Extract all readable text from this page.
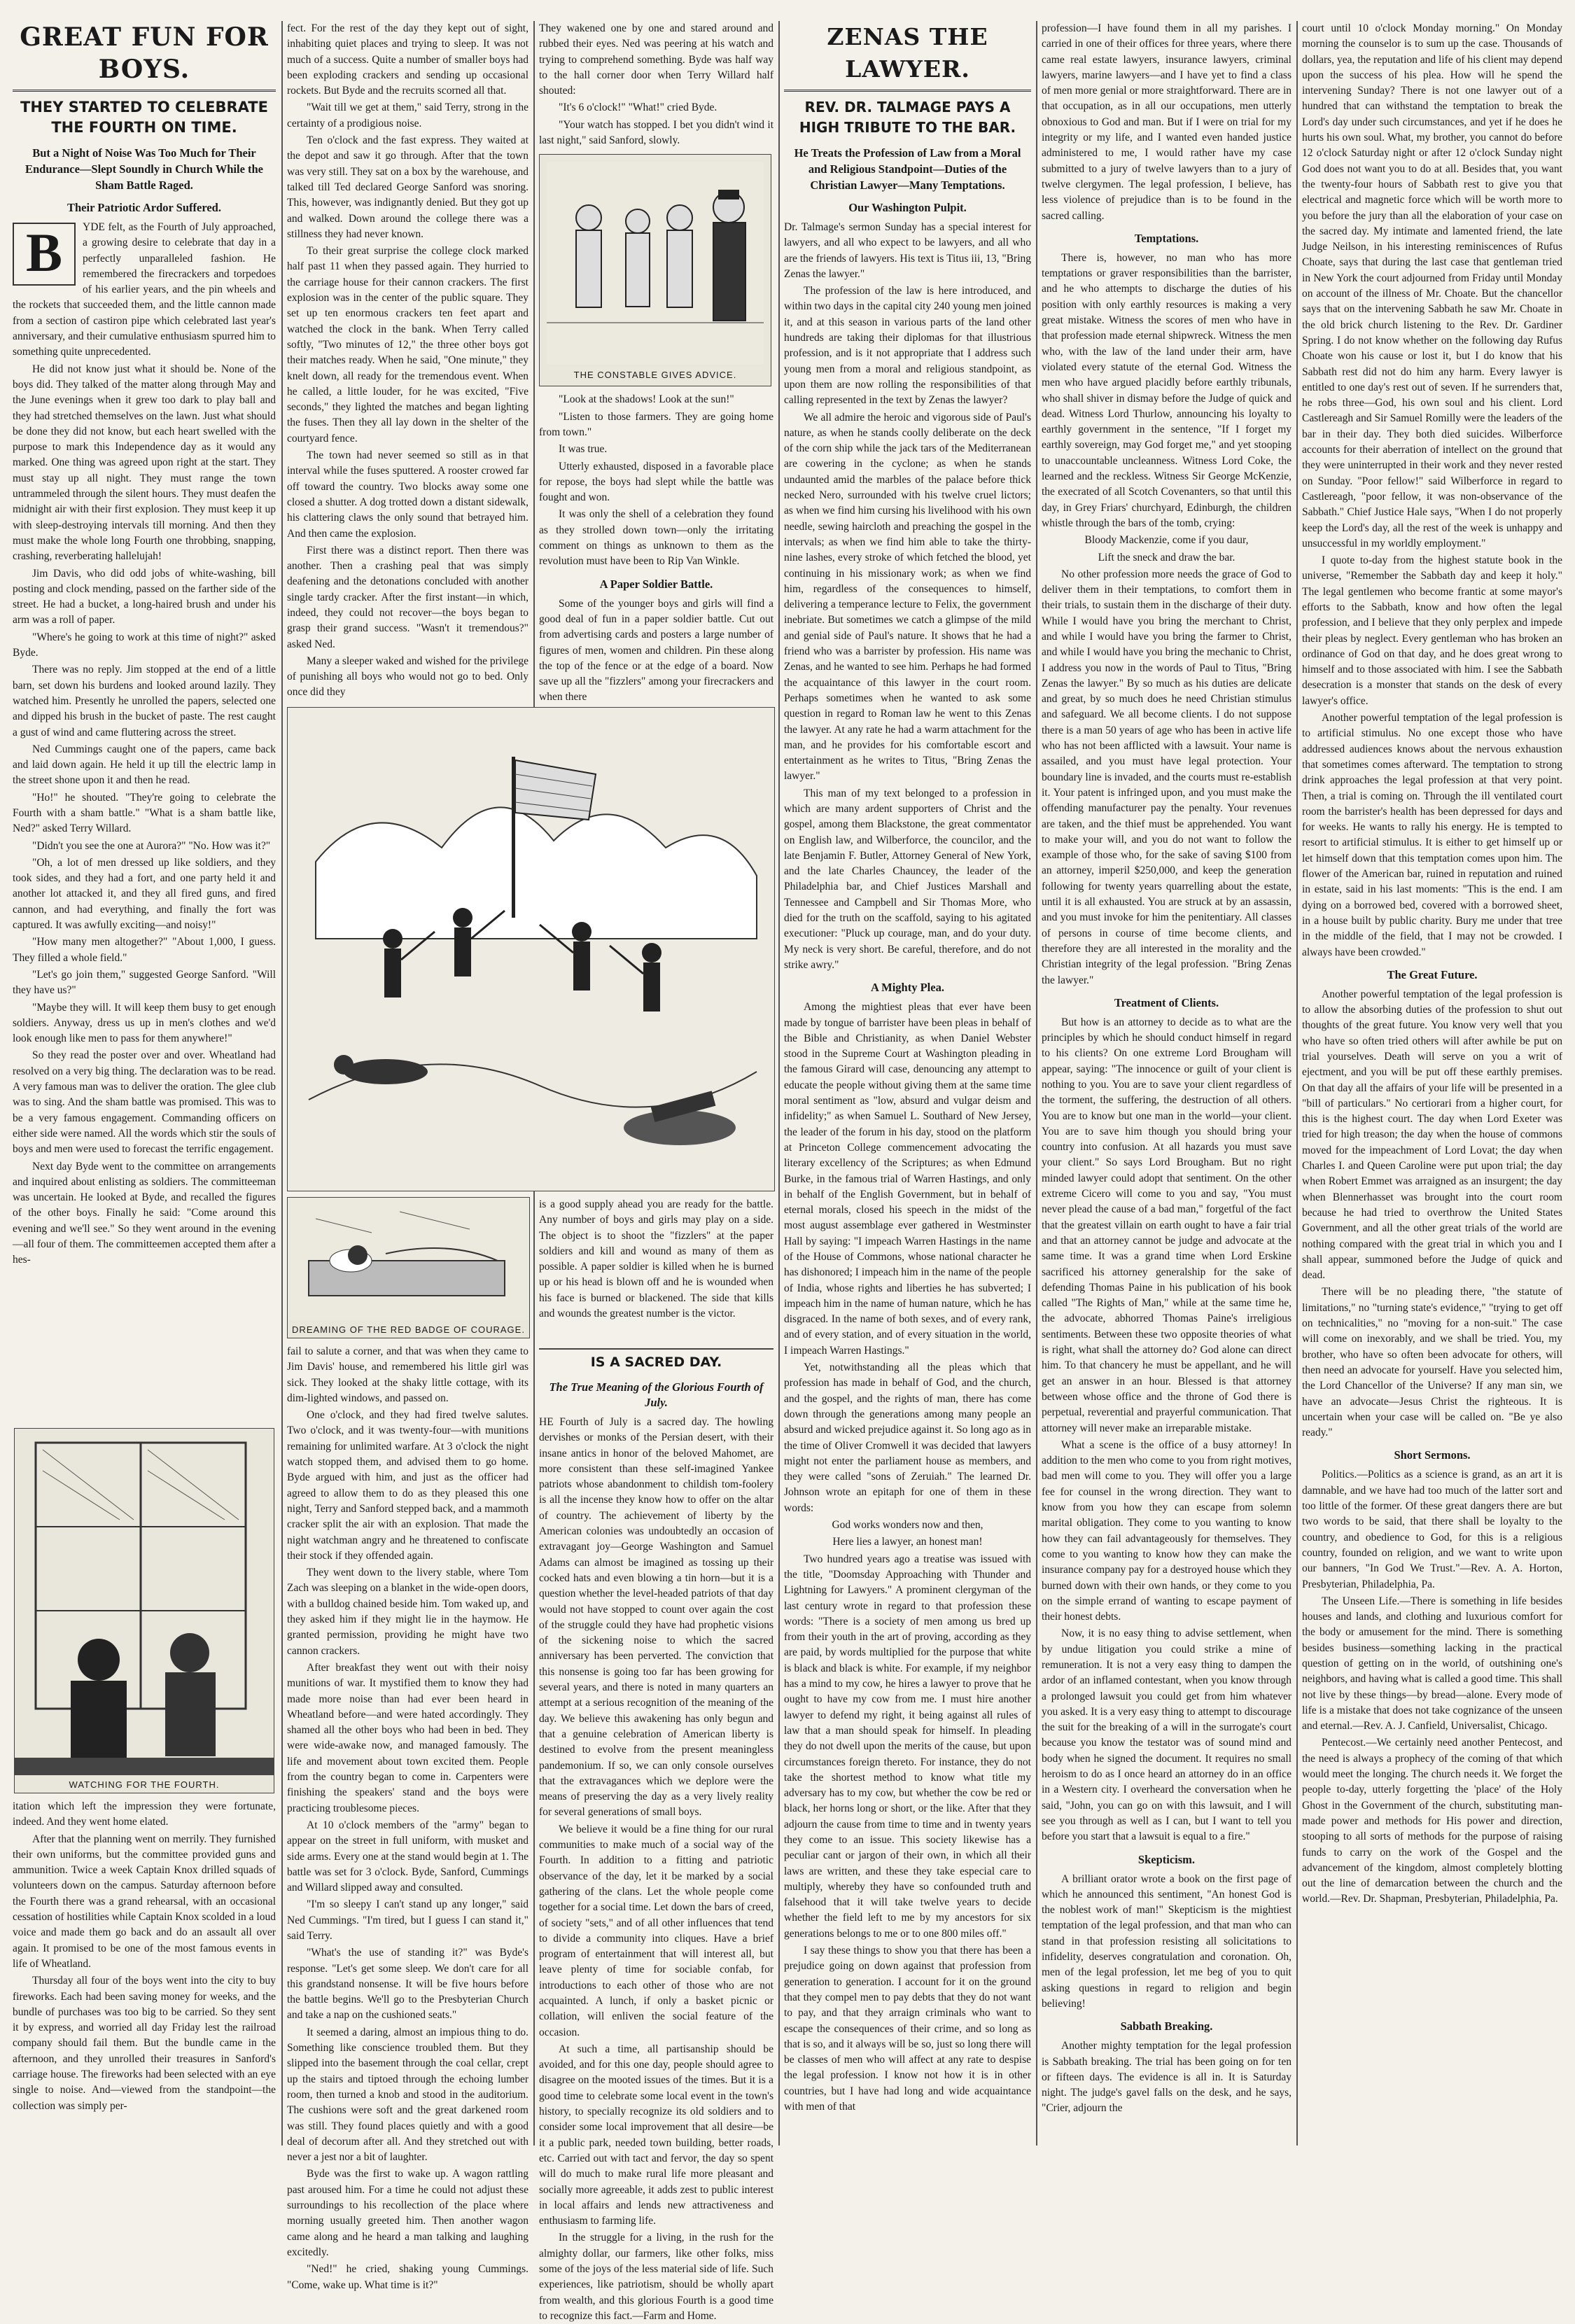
GREAT FUN FOR BOYS.
THEY STARTED TO CELEBRATE THE FOURTH ON TIME.
But a Night of Noise Was Too Much for Their Endurance—Slept Soundly in Church While the Sham Battle Raged.
Their Patriotic Ardor Suffered.

B	YDE felt, as the Fourth of July approached, a growing desire to celebrate that day in a perfectly unparalleled fashion. He remembered the firecrackers and torpedoes of his earlier years, and the pin wheels and the rockets that succeeded them, and the little cannon made from a section of castiron pipe which celebrated last year's anniversary, and their cumulative enthusiasm spurred him to something quite unprecedented.

He did not know just what it should be. None of the boys did. They talked of the matter along through May and the June evenings when it grew too dark to play ball and they had stretched themselves on the lawn. Just what should be done they did not know, but each heart swelled with the purpose to mark this Independence day as it would any marked. One thing was agreed upon right at the start. They must stay up all night. They must range the town untrammeled through the silent hours. They must deafen the midnight air with their first explosion. They must keep it up with sleep-destroying intervals till morning. And then they must make the whole long Fourth one throbbing, snapping, crashing, reverberating hallelujah!

Jim Davis, who did odd jobs of white-washing, bill posting and clock mending, passed on the farther side of the street. He had a bucket, a long-haired brush and under his arm was a roll of paper.

"Where's he going to work at this time of night?" asked Byde.

There was no reply. Jim stopped at the end of a little barn, set down his burdens and looked around lazily. They watched him. Presently he unrolled the papers, selected one and dipped his brush in the bucket of paste. The rest caught a gust of wind and came fluttering across the street.

Ned Cummings caught one of the papers, came back and laid down again. He held it up till the electric lamp in the street shone upon it and then he read.

"Ho!" he shouted. "They're going to celebrate the Fourth with a sham battle." "What is a sham battle like, Ned?" asked Terry Willard.

"Didn't you see the one at Aurora?" "No. How was it?"

"Oh, a lot of men dressed up like soldiers, and they took sides, and they had a fort, and one party held it and another lot attacked it, and they all fired guns, and fired cannon, and had everything, and finally the fort was captured. It was awfully exciting—and noisy!"

"How many men altogether?" "About 1,000, I guess. They filled a whole field."

"Let's go join them," suggested George Sanford. "Will they have us?"

"Maybe they will. It will keep them busy to get enough soldiers. Anyway, dress us up in men's clothes and we'd look enough like men to pass for them anywhere!"

So they read the poster over and over. Wheatland had resolved on a very big thing. The declaration was to be read. A very famous man was to deliver the oration. The glee club was to sing. And the sham battle was promised. This was to be a very famous engagement. Commanding officers on either side were named. All the words which stir the souls of boys and men were used to forecast the terrific engagement.

Next day Byde went to the committee on arrangements and inquired about enlisting as soldiers. The committeeman was uncertain. He looked at Byde, and recalled the figures of the other boys. Finally he said: "Come around this evening and we'll see." So they went around in the evening—all four of them. The committeemen accepted them after a hes-

WATCHING FOR THE FOURTH.

itation which left the impression they were fortunate, indeed. And they went home elated.

After that the planning went on merrily. They furnished their own uniforms, but the committee provided guns and ammunition. Twice a week Captain Knox drilled squads of volunteers down on the campus. Saturday afternoon before the Fourth there was a grand rehearsal, with an occasional cessation of hostilities while Captain Knox scolded in a loud voice and made them go back and do an assault all over again. It promised to be one of the most famous events in life of Wheatland.

Thursday all four of the boys went into the city to buy fireworks. Each had been saving money for weeks, and the bundle of purchases was too big to be carried. So they sent it by express, and worried all day Friday lest the railroad company should fail them. But the bundle came in the afternoon, and they unrolled their treasures in Sanford's carriage house. The fireworks had been selected with an eye single to noise. And—viewed from the standpoint—the collection was simply per-

fect. For the rest of the day they kept out of sight, inhabiting quiet places and trying to sleep. It was not much of a success. Quite a number of smaller boys had been exploding crackers and sending up occasional rockets. But Byde and the recruits scorned all that.

"Wait till we get at them," said Terry, strong in the certainty of a prodigious noise.

Ten o'clock and the fast express. They waited at the depot and saw it go through. After that the town was very still. They sat on a box by the warehouse, and talked till Ted declared George Sanford was snoring. This, however, was indignantly denied. But they got up and walked. Down around the college there was a stillness they had never known.

To their great surprise the college clock marked half past 11 when they passed again. They hurried to the carriage house for their cannon crackers. The first explosion was in the center of the public square. They set up ten enormous crackers ten feet apart and watched the clock in the bank. When Terry called softly, "Two minutes of 12," the three other boys got their matches ready. When he said, "One minute," they knelt down, all ready for the tremendous event. When he called, a little louder, for he was excited, "Five seconds," they lighted the matches and began lighting the fuses. Then they all lay down in the shelter of the courtyard fence.

The town had never seemed so still as in that interval while the fuses sputtered. A rooster crowed far off toward the country. Two blocks away some one closed a shutter. A dog trotted down a distant sidewalk, his clattering claws the only sound that betrayed him. And then came the explosion.

First there was a distinct report. Then there was another. Then a crashing peal that was simply deafening and the detonations concluded with another single tardy cracker. After the first instant—in which, indeed, they could not recover—the boys began to grasp their grand success. "Wasn't it tremendous?" asked Ned.

Many a sleeper waked and wished for the privilege of punishing all boys who would not go to bed. Only once did they

They wakened one by one and stared around and rubbed their eyes. Ned was peering at his watch and trying to comprehend something. Byde was half way to the hall corner door when Terry Willard half shouted:

"It's 6 o'clock!" "What!" cried Byde.

"Your watch has stopped. I bet you didn't wind it last night," said Sanford, slowly.

THE CONSTABLE GIVES ADVICE.

"Look at the shadows! Look at the sun!"

"Listen to those farmers. They are going home from town."

It was true.

Utterly exhausted, disposed in a favorable place for repose, the boys had slept while the battle was fought and won.

It was only the shell of a celebration they found as they strolled down town—only the irritating comment on things as unknown to them as the revolution must have been to Rip Van Winkle.

A Paper Soldier Battle.

Some of the younger boys and girls will find a good deal of fun in a paper soldier battle. Cut out from advertising cards and posters a large number of figures of men, women and children. Pin these along the top of the fence or at the edge of a board. Now save up all the "fizzlers" among your firecrackers and when there

is a good supply ahead you are ready for the battle. Any number of boys and girls may play on a side. The object is to shoot the "fizzlers" at the paper soldiers and kill and wound as many of them as possible. A paper soldier is killed when he is burned up or his head is blown off and he is wounded when his face is burned or blackened. The side that kills and wounds the greatest number is the victor.

DREAMING OF THE RED BADGE OF COURAGE.

fail to salute a corner, and that was when they came to Jim Davis' house, and remembered his little girl was sick. They looked at the shaky little cottage, with its dim-lighted windows, and passed on.

One o'clock, and they had fired twelve salutes. Two o'clock, and it was twenty-four—with munitions remaining for unlimited warfare. At 3 o'clock the night watch stopped them, and advised them to go home. Byde argued with him, and just as the officer had agreed to allow them to do as they pleased this one night, Terry and Sanford stepped back, and a mammoth cracker split the air with an explosion. That made the night watchman angry and he threatened to confiscate their stock if they offended again.

They went down to the livery stable, where Tom Zach was sleeping on a blanket in the wide-open doors, with a bulldog chained beside him. Tom waked up, and they asked him if they might lie in the haymow. He granted permission, providing he might have two cannon crackers.

After breakfast they went out with their noisy munitions of war. It mystified them to know they had made more noise than had ever been heard in Wheatland before—and were hated accordingly. They shamed all the other boys who had been in bed. They were wide-awake now, and managed famously. The life and movement about town excited them. People from the country began to come in. Carpenters were finishing the speakers' stand and the boys were practicing troublesome pieces.

At 10 o'clock members of the "army" began to appear on the street in full uniform, with musket and side arms. Every one at the stand would begin at 1. The battle was set for 3 o'clock. Byde, Sanford, Cummings and Willard slipped away and consulted.

"I'm so sleepy I can't stand up any longer," said Ned Cummings. "I'm tired, but I guess I can stand it," said Terry.

"What's the use of standing it?" was Byde's response. "Let's get some sleep. We don't care for all this grandstand nonsense. It will be five hours before the battle begins. We'll go to the Presbyterian Church and take a nap on the cushioned seats."

It seemed a daring, almost an impious thing to do. Something like conscience troubled them. But they slipped into the basement through the coal cellar, crept up the stairs and tiptoed through the echoing lumber room, then turned a knob and stood in the auditorium. The cushions were soft and the great darkened room was still. They found places quietly and with a good deal of decorum after all. And they stretched out with never a jest nor a bit of laughter.

Byde was the first to wake up. A wagon rattling past aroused him. For a time he could not adjust these surroundings to his recollection of the place where morning usually greeted him. Then another wagon came along and he heard a man talking and laughing excitedly.

"Ned!" he cried, shaking young Cummings. "Come, wake up. What time is it?"

IS A SACRED DAY.
The True Meaning of the Glorious Fourth of July.

HE Fourth of July is a sacred day. The howling dervishes or monks of the Persian desert, with their insane antics in honor of the beloved Mahomet, are more consistent than these self-imagined Yankee patriots whose abandonment to childish tom-foolery is all the incense they know how to offer on the altar of country. The achievement of liberty by the American colonies was undoubtedly an occasion of extravagant joy—George Washington and Samuel Adams can almost be imagined as tossing up their cocked hats and even blowing a tin horn—but it is a question whether the level-headed patriots of that day would not have stopped to count over again the cost of the struggle could they have had prophetic visions of the sickening noise to which the sacred anniversary has been perverted. The conviction that this nonsense is going too far has been growing for several years, and there is noted in many quarters an attempt at a serious recognition of the meaning of the day. We believe this awakening has only begun and that a genuine celebration of American liberty is destined to evolve from the present meaningless pandemonium. If so, we can only console ourselves that the extravagances which we deplore were the means of preserving the day as a very lively reality for several generations of small boys.

We believe it would be a fine thing for our rural communities to make much of a social way of the Fourth. In addition to a fitting and patriotic observance of the day, let it be marked by a social gathering of the clans. Let the whole people come together for a social time. Let down the bars of creed, of society "sets," and of all other influences that tend to divide a community into cliques. Have a brief program of entertainment that will interest all, but leave plenty of time for sociable confab, for introductions to each other of those who are not acquainted. A lunch, if only a basket picnic or collation, will enliven the social feature of the occasion.

At such a time, all partisanship should be avoided, and for this one day, people should agree to disagree on the mooted issues of the times. But it is a good time to celebrate some local event in the town's history, to specially recognize its old soldiers and to consider some local improvement that all desire—be it a public park, needed town building, better roads, etc. Carried out with tact and fervor, the day so spent will do much to make rural life more pleasant and socially more agreeable, it adds zest to public interest in local affairs and lends new attractiveness and enthusiasm to farming life.

In the struggle for a living, in the rush for the almighty dollar, our farmers, like other folks, miss some of the joys of the less material side of life. Such experiences, like patriotism, should be wholly apart from wealth, and this glorious Fourth is a good time to recognize this fact.—Farm and Home.

ZENAS THE LAWYER.
REV. DR. TALMAGE PAYS A HIGH TRIBUTE TO THE BAR.
He Treats the Profession of Law from a Moral and Religious Standpoint—Duties of the Christian Lawyer—Many Temptations.
Our Washington Pulpit.

Dr. Talmage's sermon Sunday has a special interest for lawyers, and all who expect to be lawyers, and all who are the friends of lawyers. His text is Titus iii, 13, "Bring Zenas the lawyer."

The profession of the law is here introduced, and within two days in the capital city 240 young men joined it, and at this season in various parts of the land other hundreds are taking their diplomas for that illustrious profession, and is it not appropriate that I address such young men from a moral and religious standpoint, as upon them are now rolling the responsibilities of that calling represented in the text by Zenas the lawyer?

We all admire the heroic and vigorous side of Paul's nature, as when he stands coolly deliberate on the deck of the corn ship while the jack tars of the Mediterranean are cowering in the cyclone; as when he stands undaunted amid the marbles of the palace before thick necked Nero, surrounded with his twelve cruel lictors; as when we find him cursing his livelihood with his own needle, sewing haircloth and preaching the gospel in the intervals; as when we find him able to take the thirty-nine lashes, every stroke of which fetched the blood, yet continuing in his missionary work; as when we find him, regardless of the consequences to himself, delivering a temperance lecture to Felix, the government inebriate. But sometimes we catch a glimpse of the mild and genial side of Paul's nature. It shows that he had a friend who was a barrister by profession. His name was Zenas, and he wanted to see him. Perhaps he had formed the acquaintance of this lawyer in the court room. Perhaps sometimes when he wanted to ask some question in regard to Roman law he went to this Zenas the lawyer. At any rate he had a warm attachment for the man, and he provides for his comfortable escort and entertainment as he writes to Titus, "Bring Zenas the lawyer."

This man of my text belonged to a profession in which are many ardent supporters of Christ and the gospel, among them Blackstone, the great commentator on English law, and Wilberforce, the councilor, and the late Benjamin F. Butler, Attorney General of New York, and the late Charles Chauncey, the leader of the Philadelphia bar, and Chief Justices Marshall and Tennessee and Campbell and Sir Thomas More, who died for the truth on the scaffold, saying to his agitated executioner: "Pluck up courage, man, and do your duty. My neck is very short. Be careful, therefore, and do not strike awry."

A Mighty Plea.

Among the mightiest pleas that ever have been made by tongue of barrister have been pleas in behalf of the Bible and Christianity, as when Daniel Webster stood in the Supreme Court at Washington pleading in the famous Girard will case, denouncing any attempt to educate the people without giving them at the same time moral sentiment as "low, absurd and vulgar deism and infidelity;" as when Samuel L. Southard of New Jersey, the leader of the forum in his day, stood on the platform at Princeton College commencement advocating the literary excellency of the Scriptures; as when Edmund Burke, in the famous trial of Warren Hastings, and only in behalf of the English Government, but in behalf of eternal morals, closed his speech in the midst of the most august assemblage ever gathered in Westminster Hall by saying: "I impeach Warren Hastings in the name of the House of Commons, whose national character he has dishonored; I impeach him in the name of the people of India, whose rights and liberties he has subverted; I impeach him in the name of human nature, which he has disgraced. In the name of both sexes, and of every rank, and of every station, and of every situation in the world, I impeach Warren Hastings."

Yet, notwithstanding all the pleas which that profession has made in behalf of God, and the church, and the gospel, and the rights of man, there has come down through the generations among many people an absurd and wicked prejudice against it. So long ago as in the time of Oliver Cromwell it was decided that lawyers might not enter the parliament house as members, and they were called "sons of Zeruiah." The learned Dr. Johnson wrote an epitaph for one of them in these words:

God works wonders now and then,

Here lies a lawyer, an honest man!

Two hundred years ago a treatise was issued with the title, "Doomsday Approaching with Thunder and Lightning for Lawyers." A prominent clergyman of the last century wrote in regard to that profession these words: "There is a society of men among us bred up from their youth in the art of proving, according as they are paid, by words multiplied for the purpose that white is black and black is white. For example, if my neighbor has a mind to my cow, he hires a lawyer to prove that he ought to have my cow from me. I must hire another lawyer to defend my right, it being against all rules of law that a man should speak for himself. In pleading they do not dwell upon the merits of the cause, but upon circumstances foreign thereto. For instance, they do not take the shortest method to know what title my adversary has to my cow, but whether the cow be red or black, her horns long or short, or the like. After that they adjourn the cause from time to time and in twenty years they come to an issue. This society likewise has a peculiar cant or jargon of their own, in which all their laws are written, and these they take especial care to multiply, whereby they have so confounded truth and falsehood that it will take twelve years to decide whether the field left to me by my ancestors for six generations belongs to me or to one 800 miles off."

I say these things to show you that there has been a prejudice going on down against that profession from generation to generation. I account for it on the ground that they compel men to pay debts that they do not want to pay, and that they arraign criminals who want to escape the consequences of their crime, and so long as that is so, and it always will be so, just so long there will be classes of men who will affect at any rate to despise the legal profession. I know not how it is in other countries, but I have had long and wide acquaintance with men of that

profession—I have found them in all my parishes. I carried in one of their offices for three years, where there came real estate lawyers, insurance lawyers, criminal lawyers, marine lawyers—and I have yet to find a class of men more genial or more straightforward. There are in that occupation, as in all our occupations, men utterly obnoxious to God and man. But if I were on trial for my integrity or my life, and I wanted even handed justice administered to me, I would rather have my case submitted to a jury of twelve lawyers than to a jury of twelve clergymen. The legal profession, I believe, has less violence of prejudice than is to be found in the sacred calling.

Temptations.

There is, however, no man who has more temptations or graver responsibilities than the barrister, and he who attempts to discharge the duties of his position with only earthly resources is making a very great mistake. Witness the scores of men who have in that profession made eternal shipwreck. Witness the men who, with the law of the land under their arm, have violated every statute of the eternal God. Witness the men who have argued placidly before earthly tribunals, who shall shiver in dismay before the Judge of quick and dead. Witness Lord Thurlow, announcing his loyalty to earthly government in the sentence, "If I forget my earthly sovereign, may God forget me," and yet stooping to unaccountable uncleanness. Witness Lord Coke, the learned and the reckless. Witness Sir George McKenzie, the execrated of all Scotch Covenanters, so that until this day, in Grey Friars' churchyard, Edinburgh, the children whistle through the bars of the tomb, crying:

Bloody Mackenzie, come if you daur,

Lift the sneck and draw the bar.

No other profession more needs the grace of God to deliver them in their temptations, to comfort them in their trials, to sustain them in the discharge of their duty. While I would have you bring the merchant to Christ, and while I would have you bring the farmer to Christ, and while I would have you bring the mechanic to Christ, I address you now in the words of Paul to Titus, "Bring Zenas the lawyer." By so much as his duties are delicate and great, by so much does he need Christian stimulus and safeguard. We all become clients. I do not suppose there is a man 50 years of age who has been in active life who has not been afflicted with a lawsuit. Your name is assailed, and you must have legal protection. Your boundary line is invaded, and the courts must re-establish it. Your patent is infringed upon, and you must make the offending manufacturer pay the penalty. Your revenues are taken, and the thief must be apprehended. You want to make your will, and you do not want to follow the example of those who, for the sake of saving $100 from an attorney, imperil $250,000, and keep the generation following for twenty years quarrelling about the estate, until it is all exhausted. You are struck at by an assassin, and you must invoke for him the penitentiary. All classes of persons in course of time become clients, and therefore they are all interested in the morality and the Christian integrity of the legal profession. "Bring Zenas the lawyer."

Treatment of Clients.

But how is an attorney to decide as to what are the principles by which he should conduct himself in regard to his clients? On one extreme Lord Brougham will appear, saying: "The innocence or guilt of your client is nothing to you. You are to save your client regardless of the torment, the suffering, the destruction of all others. You are to know but one man in the world—your client. You are to save him though you should bring your country into confusion. At all hazards you must save your client." So says Lord Brougham. But no right minded lawyer could adopt that sentiment. On the other extreme Cicero will come to you and say, "You must never plead the cause of a bad man," forgetful of the fact that the greatest villain on earth ought to have a fair trial and that an attorney cannot be judge and advocate at the same time. It was a grand time when Lord Erskine sacrificed his attorney generalship for the sake of defending Thomas Paine in his publication of his book called "The Rights of Man," while at the same time he, the advocate, abhorred Thomas Paine's irreligious sentiments. Between these two opposite theories of what is right, what shall the attorney do? God alone can direct him. To that chancery he must be appellant, and he will get an answer in an hour. Blessed is that attorney between whose office and the throne of God there is perpetual, reverential and prayerful communication. That attorney will never make an irreparable mistake.

What a scene is the office of a busy attorney! In addition to the men who come to you from right motives, bad men will come to you. They will offer you a large fee for counsel in the wrong direction. They want to know from you how they can escape from solemn marital obligation. They come to you wanting to know how they can fail advantageously for themselves. They come to you wanting to know how they can make the insurance company pay for a destroyed house which they burned down with their own hands, or they come to you on the simple errand of wanting to escape payment of their honest debts.

Now, it is no easy thing to advise settlement, when by undue litigation you could strike a mine of remuneration. It is not a very easy thing to dampen the ardor of an inflamed contestant, when you know through a prolonged lawsuit you could get from him whatever you asked. It is a very easy thing to attempt to discourage the suit for the breaking of a will in the surrogate's court because you know the testator was of sound mind and body when he signed the document. It requires no small heroism to do as I once heard an attorney do in an office in a Western city. I overheard the conversation when he said, "John, you can go on with this lawsuit, and I will see you through as well as I can, but I want to tell you before you start that a lawsuit is equal to a fire."

Skepticism.

A brilliant orator wrote a book on the first page of which he announced this sentiment, "An honest God is the noblest work of man!" Skepticism is the mightiest temptation of the legal profession, and that man who can stand in that profession resisting all solicitations to infidelity, deserves congratulation and coronation. Oh, men of the legal profession, let me beg of you to quit asking questions in regard to religion and begin believing!

Sabbath Breaking.

Another mighty temptation for the legal profession is Sabbath breaking. The trial has been going on for ten or fifteen days. The evidence is all in. It is Saturday night. The judge's gavel falls on the desk, and he says, "Crier, adjourn the

court until 10 o'clock Monday morning." On Monday morning the counselor is to sum up the case. Thousands of dollars, yea, the reputation and life of his client may depend upon the success of his plea. How will he spend the intervening Sunday? There is not one lawyer out of a hundred that can withstand the temptation to break the Lord's day under such circumstances, and yet if he does he hurts his own soul. What, my brother, you cannot do before 12 o'clock Saturday night or after 12 o'clock Sunday night God does not want you to do at all. Besides that, you want the twenty-four hours of Sabbath rest to give you that electrical and magnetic force which will be worth more to you before the jury than all the elaboration of your case on the sacred day. My intimate and lamented friend, the late Judge Neilson, in his interesting reminiscences of Rufus Choate, says that during the last case that gentleman tried in New York the court adjourned from Friday until Monday on account of the illness of Mr. Choate. But the chancellor says that on the intervening Sabbath he saw Mr. Choate in the old brick church listening to the Rev. Dr. Gardiner Spring. I do not know whether on the following day Rufus Choate won his cause or lost it, but I do know that his Sabbath rest did not do him any harm. Every lawyer is entitled to one day's rest out of seven. If he surrenders that, he robs three—God, his own soul and his client. Lord Castlereagh and Sir Samuel Romilly were the leaders of the bar in their day. They both died suicides. Wilberforce accounts for their aberration of intellect on the ground that they were uninterrupted in their work and they never rested on Sunday. "Poor fellow!" said Wilberforce in regard to Castlereagh, "poor fellow, it was non-observance of the Sabbath." Chief Justice Hale says, "When I do not properly keep the Lord's day, all the rest of the week is unhappy and unsuccessful in my worldly employment."

I quote to-day from the highest statute book in the universe, "Remember the Sabbath day and keep it holy." The legal gentlemen who become frantic at some mayor's efforts to the Sabbath, know and how often the legal profession, and I believe that they only perplex and impede their pleas by neglect. Every gentleman who has broken an ordinance of God on that day, and he does great wrong to himself and to those associated with him. I see the Sabbath desecration is a monster that stands on the desk of every lawyer's office.

Another powerful temptation of the legal profession is to artificial stimulus. No one except those who have addressed audiences knows about the nervous exhaustion that sometimes comes afterward. The temptation to strong drink approaches the legal profession at that very point. Then, a trial is coming on. Through the ill ventilated court room the barrister's health has been depressed for days and for weeks. He wants to rally his energy. He is tempted to resort to artificial stimulus. It is either to get himself up or let himself down that this temptation comes upon him. The flower of the American bar, ruined in reputation and ruined in estate, said in his last moments: "This is the end. I am dying on a borrowed bed, covered with a borrowed sheet, in a house built by public charity. Bury me under that tree in the middle of the field, that I may not be crowded. I always have been crowded."

The Great Future.

Another powerful temptation of the legal profession is to allow the absorbing duties of the profession to shut out thoughts of the great future. You know very well that you who have so often tried others will after awhile be put on trial yourselves. Death will serve on you a writ of ejectment, and you will be put off these earthly premises. On that day all the affairs of your life will be presented in a "bill of particulars." No certiorari from a higher court, for this is the highest court. The day when Lord Exeter was tried for high treason; the day when the house of commons moved for the impeachment of Lord Lovat; the day when Charles I. and Queen Caroline were put upon trial; the day when Robert Emmet was arraigned as an insurgent; the day when Blennerhasset was brought into the court room because he had tried to overthrow the United States Government, and all the other great trials of the world are nothing compared with the great trial in which you and I shall appear, summoned before the Judge of quick and dead.

There will be no pleading there, "the statute of limitations," no "turning state's evidence," "trying to get off on technicalities," no "moving for a non-suit." The case will come on inexorably, and we shall be tried. You, my brother, who have so often been advocate for others, will then need an advocate for yourself. Have you selected him, the Lord Chancellor of the Universe? If any man sin, we have an advocate—Jesus Christ the righteous. It is uncertain when your case will be called on. "Be ye also ready."

Short Sermons.

Politics.—Politics as a science is grand, as an art it is damnable, and we have had too much of the latter sort and too little of the former. Of these great dangers there are but two words to be said, that there shall be loyalty to the country, and obedience to God, for this is a religious country, founded on religion, and we want to write upon our banners, "In God We Trust."—Rev. A. A. Horton, Presbyterian, Philadelphia, Pa.

The Unseen Life.—There is something in life besides houses and lands, and clothing and luxurious comfort for the body or amusement for the mind. There is something besides business—something lacking in the practical question of getting on in the world, of outshining one's neighbors, and having what is called a good time. This shall not live by these things—by bread—alone. Every mode of life is a mistake that does not take cognizance of the unseen and eternal.—Rev. A. J. Canfield, Universalist, Chicago.

Pentecost.—We certainly need another Pentecost, and the need is always a prophecy of the coming of that which would meet the longing. The church needs it. We forget the people to-day, utterly forgetting the 'place' of the Holy Ghost in the Government of the church, substituting man-made power and methods for His power and direction, stooping to all sorts of methods for the purpose of raising funds to carry on the work of the Gospel and the advancement of the kingdom, almost completely blotting out the line of demarcation between the church and the world.—Rev. Dr. Shapman, Presbyterian, Philadelphia, Pa.
